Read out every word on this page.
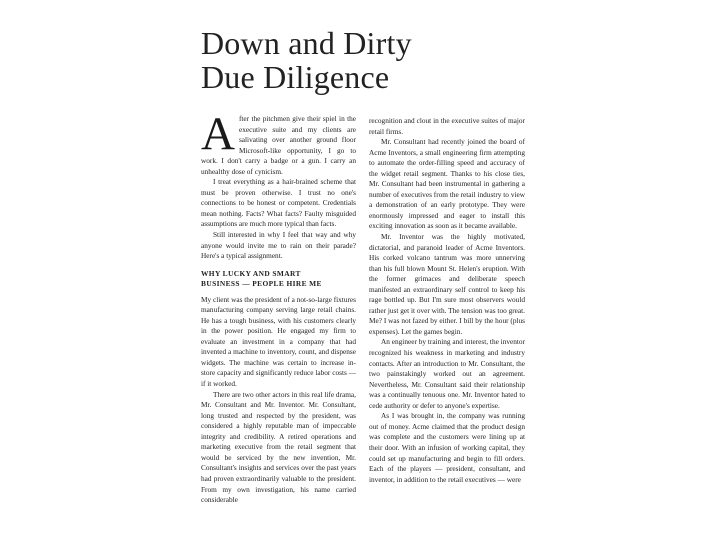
Down and Dirty
Due Diligence

After the pitchmen give their spiel in the executive suite and my clients are salivating over another ground floor Microsoft-like opportunity, I go to work. I don't carry a badge or a gun. I carry an unhealthy dose of cynicism.

I treat everything as a hair-brained scheme that must be proven otherwise. I trust no one's connections to be honest or competent. Credentials mean nothing. Facts? What facts? Faulty misguided assumptions are much more typical than facts.

Still interested in why I feel that way and why anyone would invite me to rain on their parade? Here's a typical assignment.

WHY LUCKY AND SMART
BUSINESS — PEOPLE HIRE ME

My client was the president of a not-so-large fixtures manufacturing company serving large retail chains. He has a tough business, with his customers clearly in the power position. He engaged my firm to evaluate an investment in a company that had invented a machine to inventory, count, and dispense widgets. The machine was certain to increase in-store capacity and significantly reduce labor costs — if it worked.

There are two other actors in this real life drama, Mr. Consultant and Mr. Inventor. Mr. Consultant, long trusted and respected by the president, was considered a highly reputable man of impeccable integrity and credibility. A retired operations and marketing executive from the retail segment that would be serviced by the new invention, Mr. Consultant's insights and services over the past years had proven extraordinarily valuable to the president. From my own investigation, his name carried considerable

recognition and clout in the executive suites of major retail firms.

Mr. Consultant had recently joined the board of Acme Inventors, a small engineering firm attempting to automate the order-filling speed and accuracy of the widget retail segment. Thanks to his close ties, Mr. Consultant had been instrumental in gathering a number of executives from the retail industry to view a demonstration of an early prototype. They were enormously impressed and eager to install this exciting innovation as soon as it became available.

Mr. Inventor was the highly motivated, dictatorial, and paranoid leader of Acme Inventors. His corked volcano tantrum was more unnerving than his full blown Mount St. Helen's eruption. With the former grimaces and deliberate speech manifested an extraordinary self control to keep his rage bottled up. But I'm sure most observers would rather just get it over with. The tension was too great. Me? I was not fazed by either. I bill by the hour (plus expenses). Let the games begin.

An engineer by training and interest, the inventor recognized his weakness in marketing and industry contacts. After an introduction to Mr. Consultant, the two painstakingly worked out an agreement. Nevertheless, Mr. Consultant said their relationship was a continually tenuous one. Mr. Inventor hated to cede authority or defer to anyone's expertise.

As I was brought in, the company was running out of money. Acme claimed that the product design was complete and the customers were lining up at their door. With an infusion of working capital, they could set up manufacturing and begin to fill orders. Each of the players — president, consultant, and inventor, in addition to the retail executives — were
